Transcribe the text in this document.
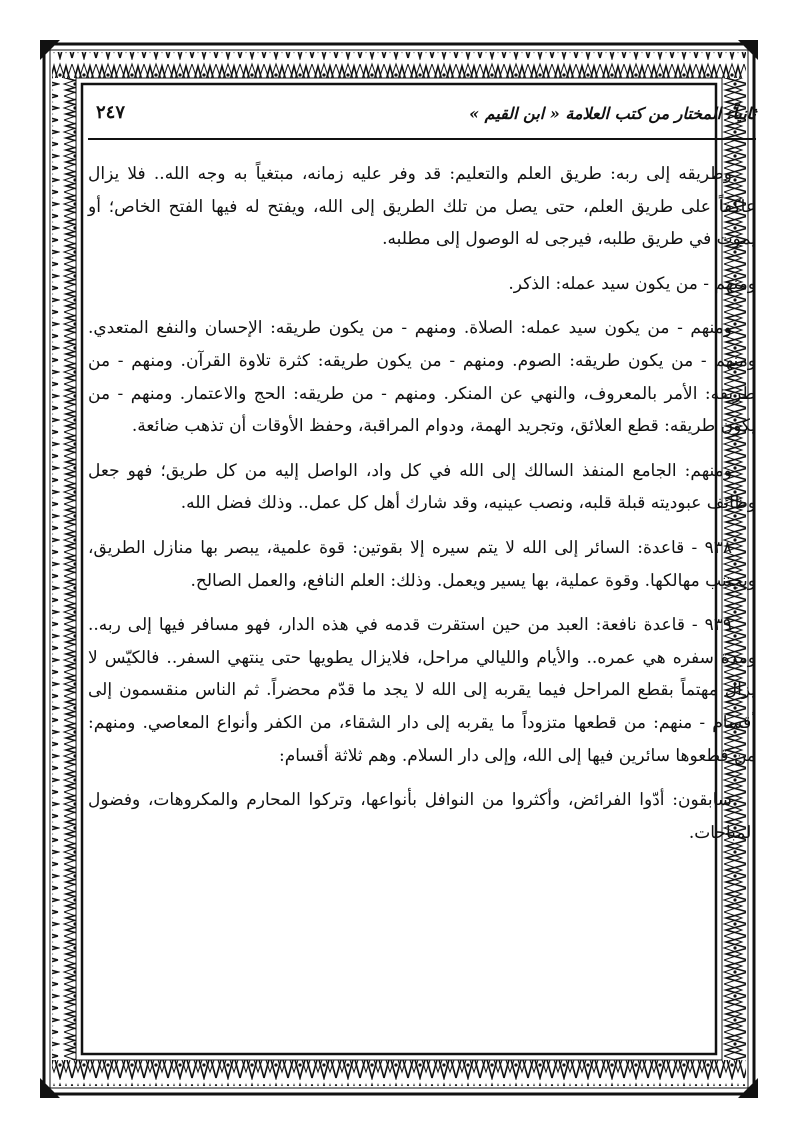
ثانياً: المختار من كتب العلامة « ابن القيم »
٢٤٧

وطريقه إلى ربه: طريق العلم والتعليم: قد وفر عليه زمانه، مبتغياً به وجه الله.. فلا يزال عاكفاً على طريق العلم، حتى يصل من تلك الطريق إلى الله، ويفتح له فيها الفتح الخاص؛ أو يموت في طريق طلبه، فيرجى له الوصول إلى مطلبه.

ومنهم - من يكون سيد عمله: الذكر.

ومنهم - من يكون سيد عمله: الصلاة. ومنهم - من يكون طريقه: الإحسان والنفع المتعدي. ومنهم - من يكون طريقه: الصوم. ومنهم - من يكون طريقه: كثرة تلاوة القرآن. ومنهم - من طريقه: الأمر بالمعروف، والنهي عن المنكر. ومنهم - من طريقه: الحج والاعتمار. ومنهم - من يكون طريقه: قطع العلائق، وتجريد الهمة، ودوام المراقبة، وحفظ الأوقات أن تذهب ضائعة.

ومنهم: الجامع المنفذ السالك إلى الله في كل واد، الواصل إليه من كل طريق؛ فهو جعل وظائف عبوديته قبلة قلبه، ونصب عينيه، وقد شارك أهل كل عمل.. وذلك فضل الله.

٩٣٨ - قاعدة: السائر إلى الله لا يتم سيره إلا بقوتين: قوة علمية، يبصر بها منازل الطريق، ويجتنب مهالكها. وقوة عملية، بها يسير ويعمل. وذلك: العلم النافع، والعمل الصالح.

٩٣٩ - قاعدة نافعة: العبد من حين استقرت قدمه في هذه الدار، فهو مسافر فيها إلى ربه.. ومدة سفره هي عمره.. والأيام والليالي مراحل، فلايزال يطويها حتى ينتهي السفر.. فالكيّس لا يزال مهتماً بقطع المراحل فيما يقربه إلى الله لا يجد ما قدّم محضراً. ثم الناس منقسمون إلى أقسام - منهم: من قطعها متزوداً ما يقربه إلى دار الشقاء، من الكفر وأنواع المعاصي. ومنهم: من قطعوها سائرين فيها إلى الله، وإلى دار السلام. وهم ثلاثة أقسام:

سابقون: أدّوا الفرائض، وأكثروا من النوافل بأنواعها، وتركوا المحارم والمكروهات، وفضول المباحات.
